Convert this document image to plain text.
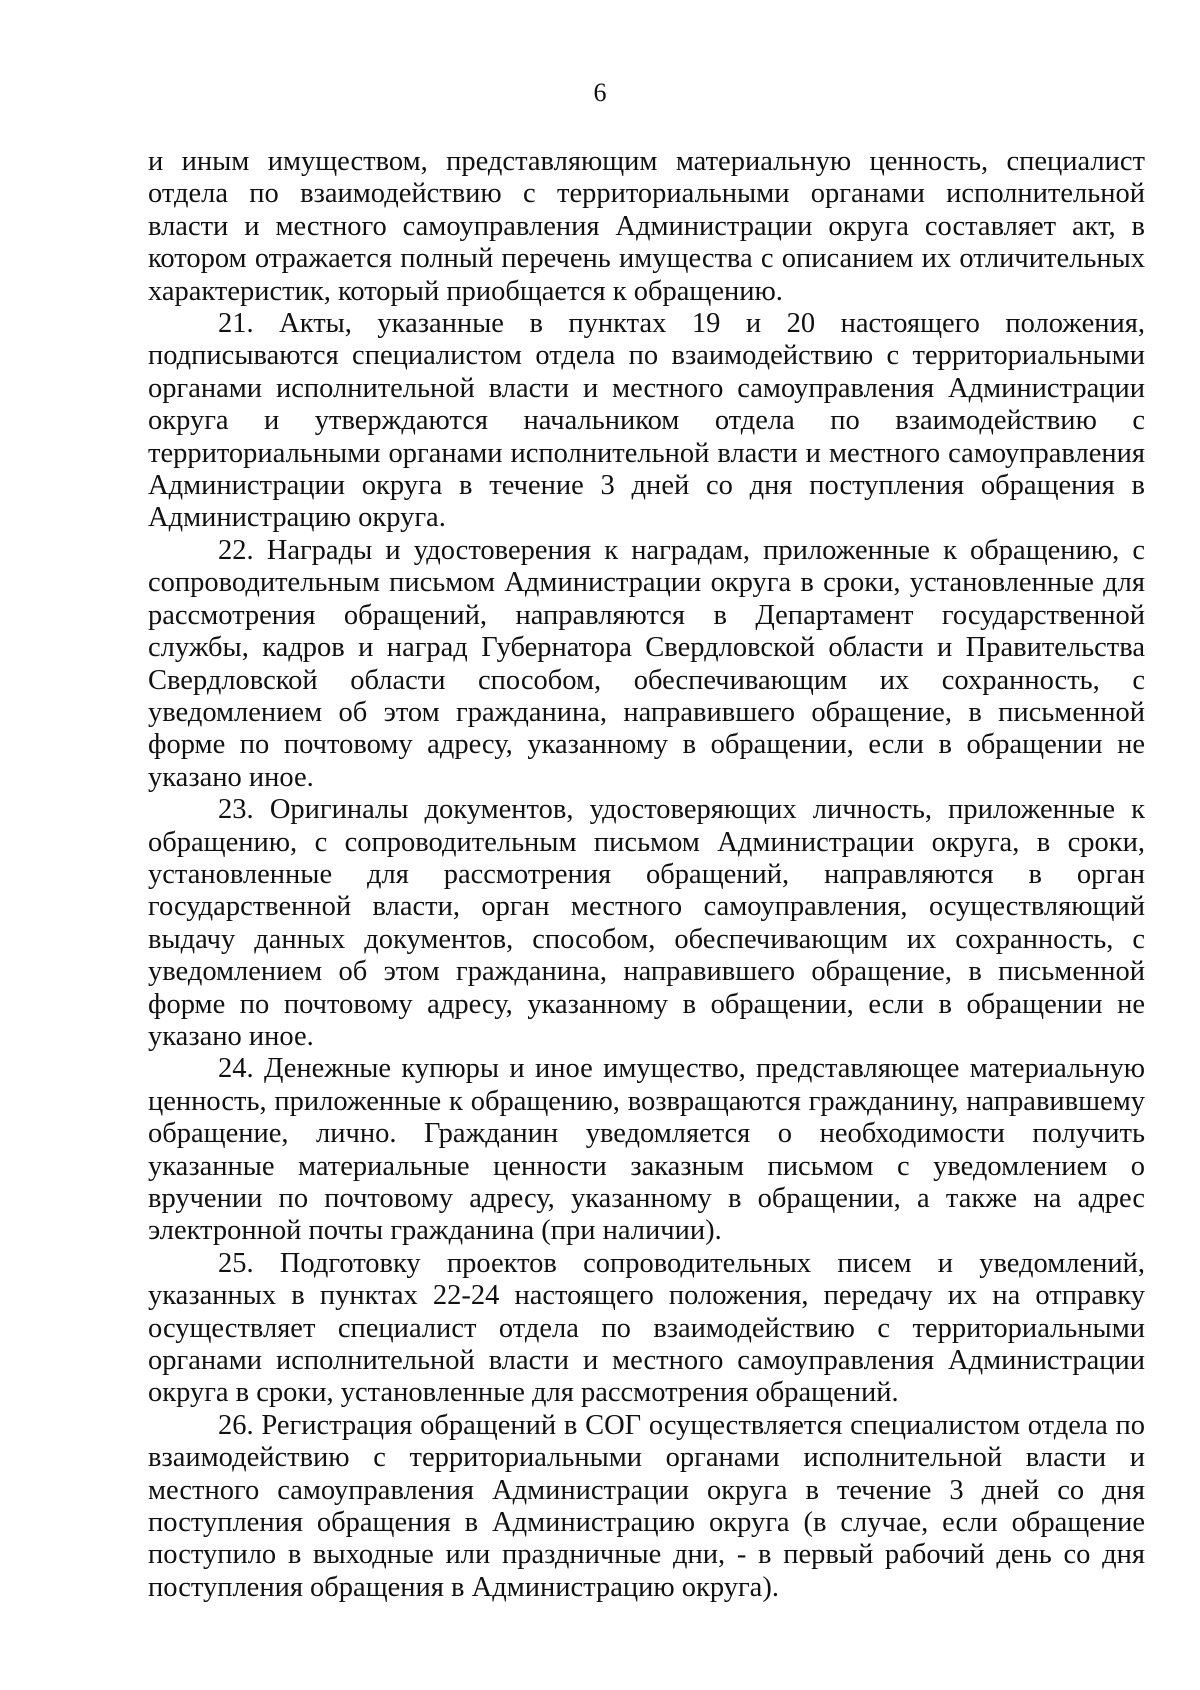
6

и иным имуществом, представляющим материальную ценность, специалист отдела по взаимодействию с территориальными органами исполнительной власти и местного самоуправления Администрации округа составляет акт, в котором отражается полный перечень имущества с описанием их отличительных характеристик, который приобщается к обращению.

21. Акты, указанные в пунктах 19 и 20 настоящего положения, подписываются специалистом отдела по взаимодействию с территориальными органами исполнительной власти и местного самоуправления Администрации округа и утверждаются начальником отдела по взаимодействию с территориальными органами исполнительной власти и местного самоуправления Администрации округа в течение 3 дней со дня поступления обращения в Администрацию округа.

22. Награды и удостоверения к наградам, приложенные к обращению, с сопроводительным письмом Администрации округа в сроки, установленные для рассмотрения обращений, направляются в Департамент государственной службы, кадров и наград Губернатора Свердловской области и Правительства Свердловской области способом, обеспечивающим их сохранность, с уведомлением об этом гражданина, направившего обращение, в письменной форме по почтовому адресу, указанному в обращении, если в обращении не указано иное.

23. Оригиналы документов, удостоверяющих личность, приложенные к обращению, с сопроводительным письмом Администрации округа, в сроки, установленные для рассмотрения обращений, направляются в орган государственной власти, орган местного самоуправления, осуществляющий выдачу данных документов, способом, обеспечивающим их сохранность, с уведомлением об этом гражданина, направившего обращение, в письменной форме по почтовому адресу, указанному в обращении, если в обращении не указано иное.

24. Денежные купюры и иное имущество, представляющее материальную ценность, приложенные к обращению, возвращаются гражданину, направившему обращение, лично. Гражданин уведомляется о необходимости получить указанные материальные ценности заказным письмом с уведомлением о вручении по почтовому адресу, указанному в обращении, а также на адрес электронной почты гражданина (при наличии).

25. Подготовку проектов сопроводительных писем и уведомлений, указанных в пунктах 22-24 настоящего положения, передачу их на отправку осуществляет специалист отдела по взаимодействию с территориальными органами исполнительной власти и местного самоуправления Администрации округа в сроки, установленные для рассмотрения обращений.

26. Регистрация обращений в СОГ осуществляется специалистом отдела по взаимодействию с территориальными органами исполнительной власти и местного самоуправления Администрации округа в течение 3 дней со дня поступления обращения в Администрацию округа (в случае, если обращение поступило в выходные или праздничные дни, - в первый рабочий день со дня поступления обращения в Администрацию округа).
